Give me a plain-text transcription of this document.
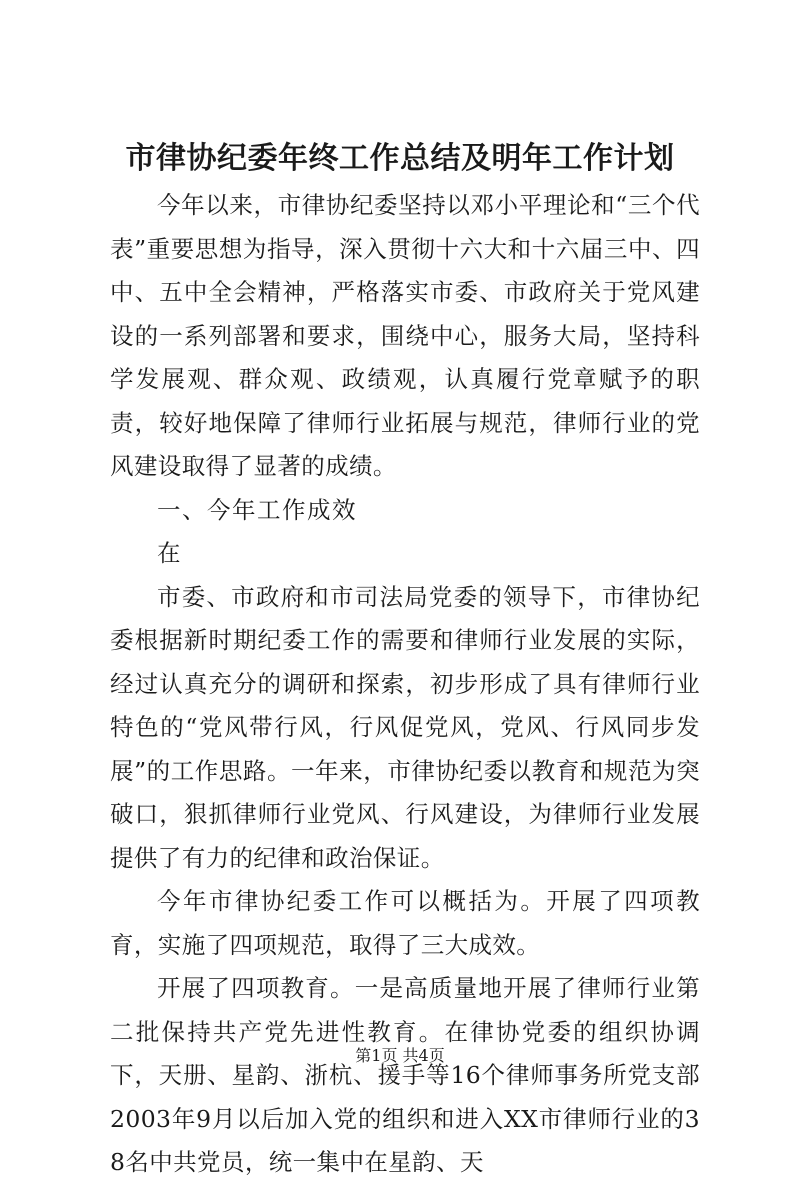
市律协纪委年终工作总结及明年工作计划

今年以来，市律协纪委坚持以邓小平理论和“三个代表”重要思想为指导，深入贯彻十六大和十六届三中、四中、五中全会精神，严格落实市委、市政府关于党风建设的一系列部署和要求，围绕中心，服务大局，坚持科学发展观、群众观、政绩观，认真履行党章赋予的职责，较好地保障了律师行业拓展与规范，律师行业的党风建设取得了显著的成绩。

一、今年工作成效

在

市委、市政府和市司法局党委的领导下，市律协纪委根据新时期纪委工作的需要和律师行业发展的实际，经过认真充分的调研和探索，初步形成了具有律师行业特色的“党风带行风，行风促党风，党风、行风同步发展”的工作思路。一年来，市律协纪委以教育和规范为突破口，狠抓律师行业党风、行风建设，为律师行业发展提供了有力的纪律和政治保证。

今年市律协纪委工作可以概括为。开展了四项教育，实施了四项规范，取得了三大成效。

开展了四项教育。一是高质量地开展了律师行业第二批保持共产党先进性教育。在律协党委的组织协调下，天册、星韵、浙杭、援手等16个律师事务所党支部2003年9月以后加入党的组织和进入XX市律师行业的38名中共党员，统一集中在星韵、天

第1页 共4页
